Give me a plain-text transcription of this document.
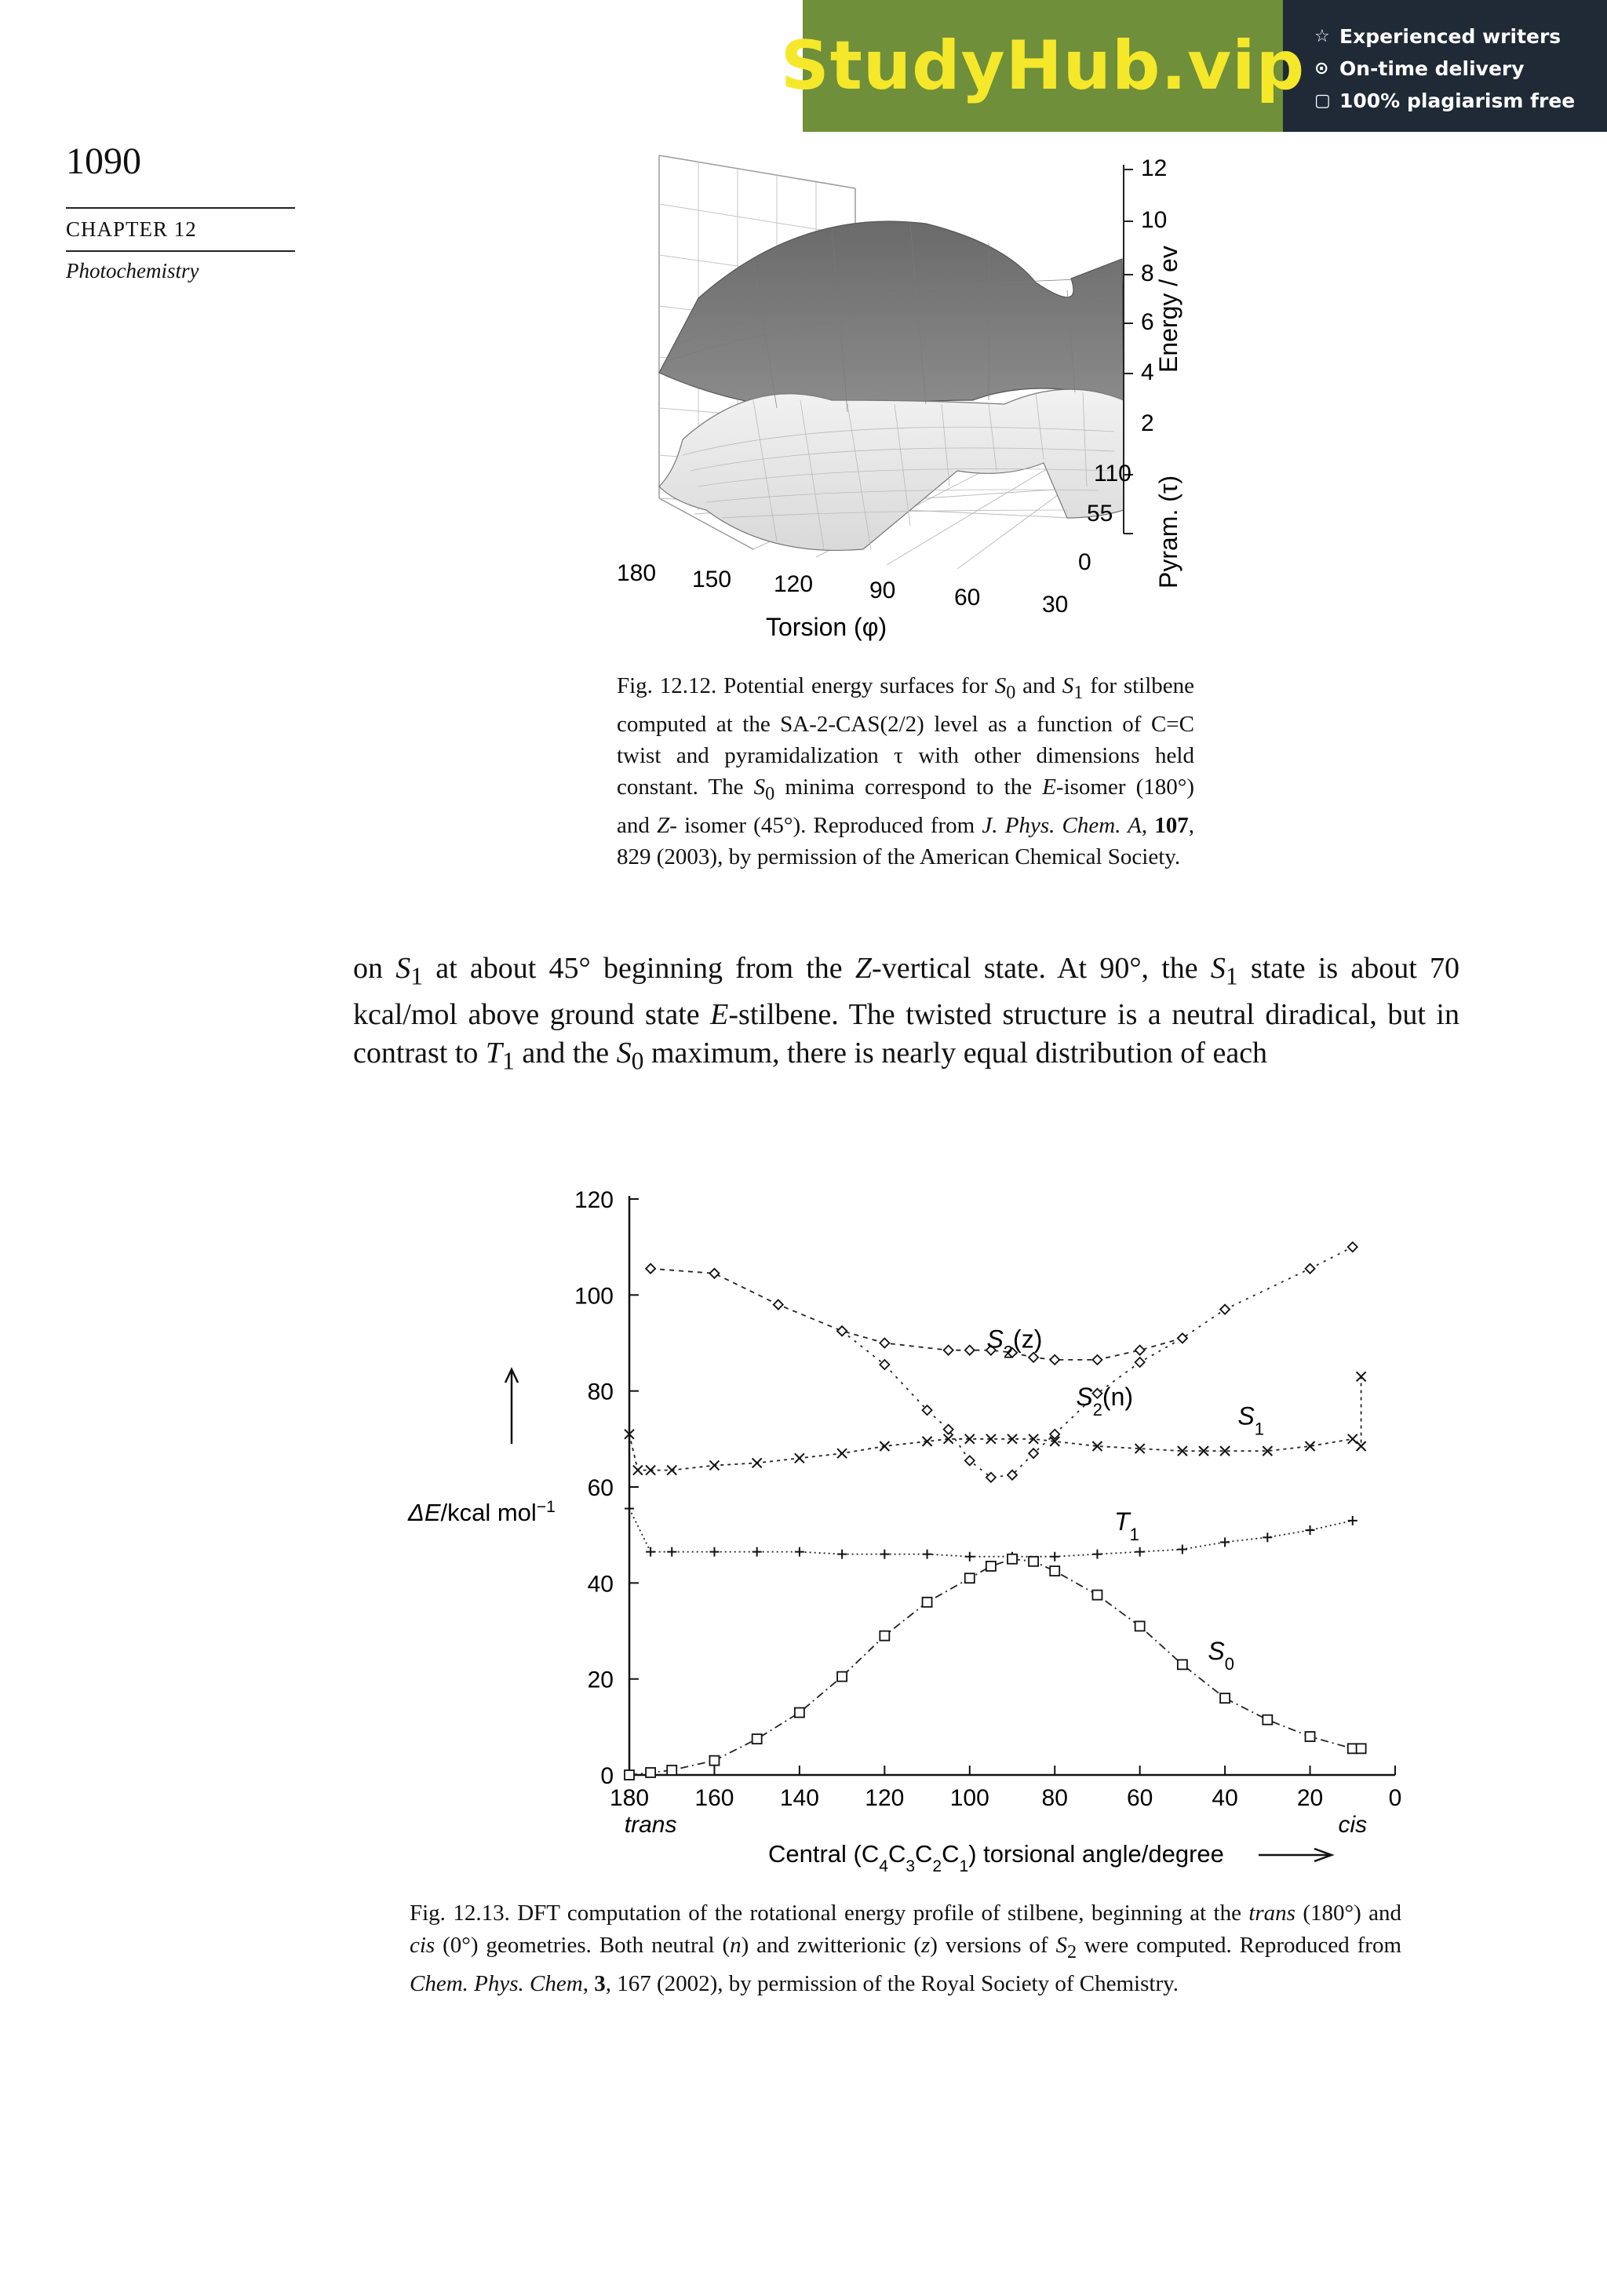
StudyHub.vip ☆ Experienced writers
⊙ On-time delivery
▢ 100% plagiarism free
1090
CHAPTER 12
Photochemistry
12
10
8
6
4
2
110
55
0
Energy / ev
Pyram. (τ)
180 150 120 90 60	30
Torsion (φ)

Fig. 12.12. Potential energy surfaces for $S_0$ and $S_1$ for stilbene computed at the SA-2-CAS(2/2) level as a function of C=C twist and pyramidalization τ with other dimensions held constant. The $S_0$ minima correspond to the E-isomer (180°) and Z- isomer (45°). Reproduced from J. Phys. Chem. A, 107, 829 (2003), by permission of the American Chemical Society.

on $S_1$ at about 45° beginning from the Z-vertical state. At 90°, the $S_1$ state is about 70 kcal/mol above ground state E-stilbene. The twisted structure is a neutral diradical, but in contrast to $T_1$ and the $S_0$ maximum, there is nearly equal distribution of each

0
20
40
60
80
100
120
180 160 140 120 100 80	60	40	20	0
trans	cis
$S_2(z)$
$S_2(n)$
$S_1$
$T_1$
$S_0$
ΔE/kcal mol$^{-1}$
Central $(C_4C_3C_2C_1)$ torsional angle/degree

Fig. 12.13. DFT computation of the rotational energy profile of stilbene, beginning at the trans (180°) and cis (0°) geometries. Both neutral (n) and zwitterionic (z) versions of $S_2$ were computed. Reproduced from Chem. Phys. Chem, 3, 167 (2002), by permission of the Royal Society of Chemistry.
